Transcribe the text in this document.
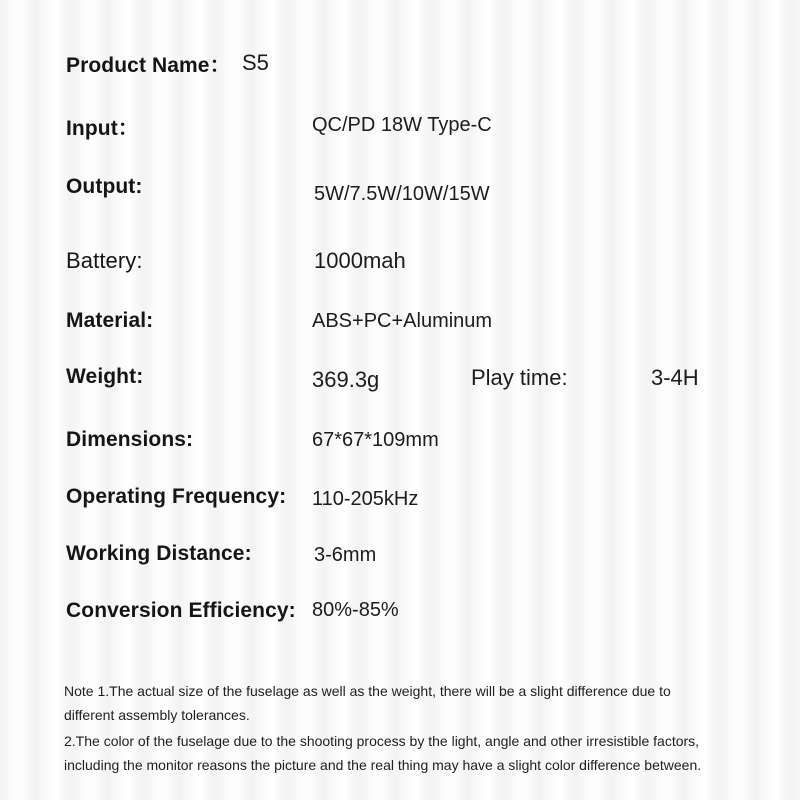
Product Name： S5
Input：	QC/PD 18W Type-C
Output:	5W/7.5W/10W/15W
Battery:	1000mah
Material:	ABS+PC+Aluminum
Weight:	369.3g	Play time:	3-4H
Dimensions:	67*67*109mm
Operating Frequency: 110-205kHz
Working Distance:	3-6mm
Conversion Efficiency: 80%-85%
Note 1.The actual size of the fuselage as well as the weight, there will be a slight difference due to
different assembly tolerances.
2.The color of the fuselage due to the shooting process by the light, angle and other irresistible factors,
including the monitor reasons the picture and the real thing may have a slight color difference between.
